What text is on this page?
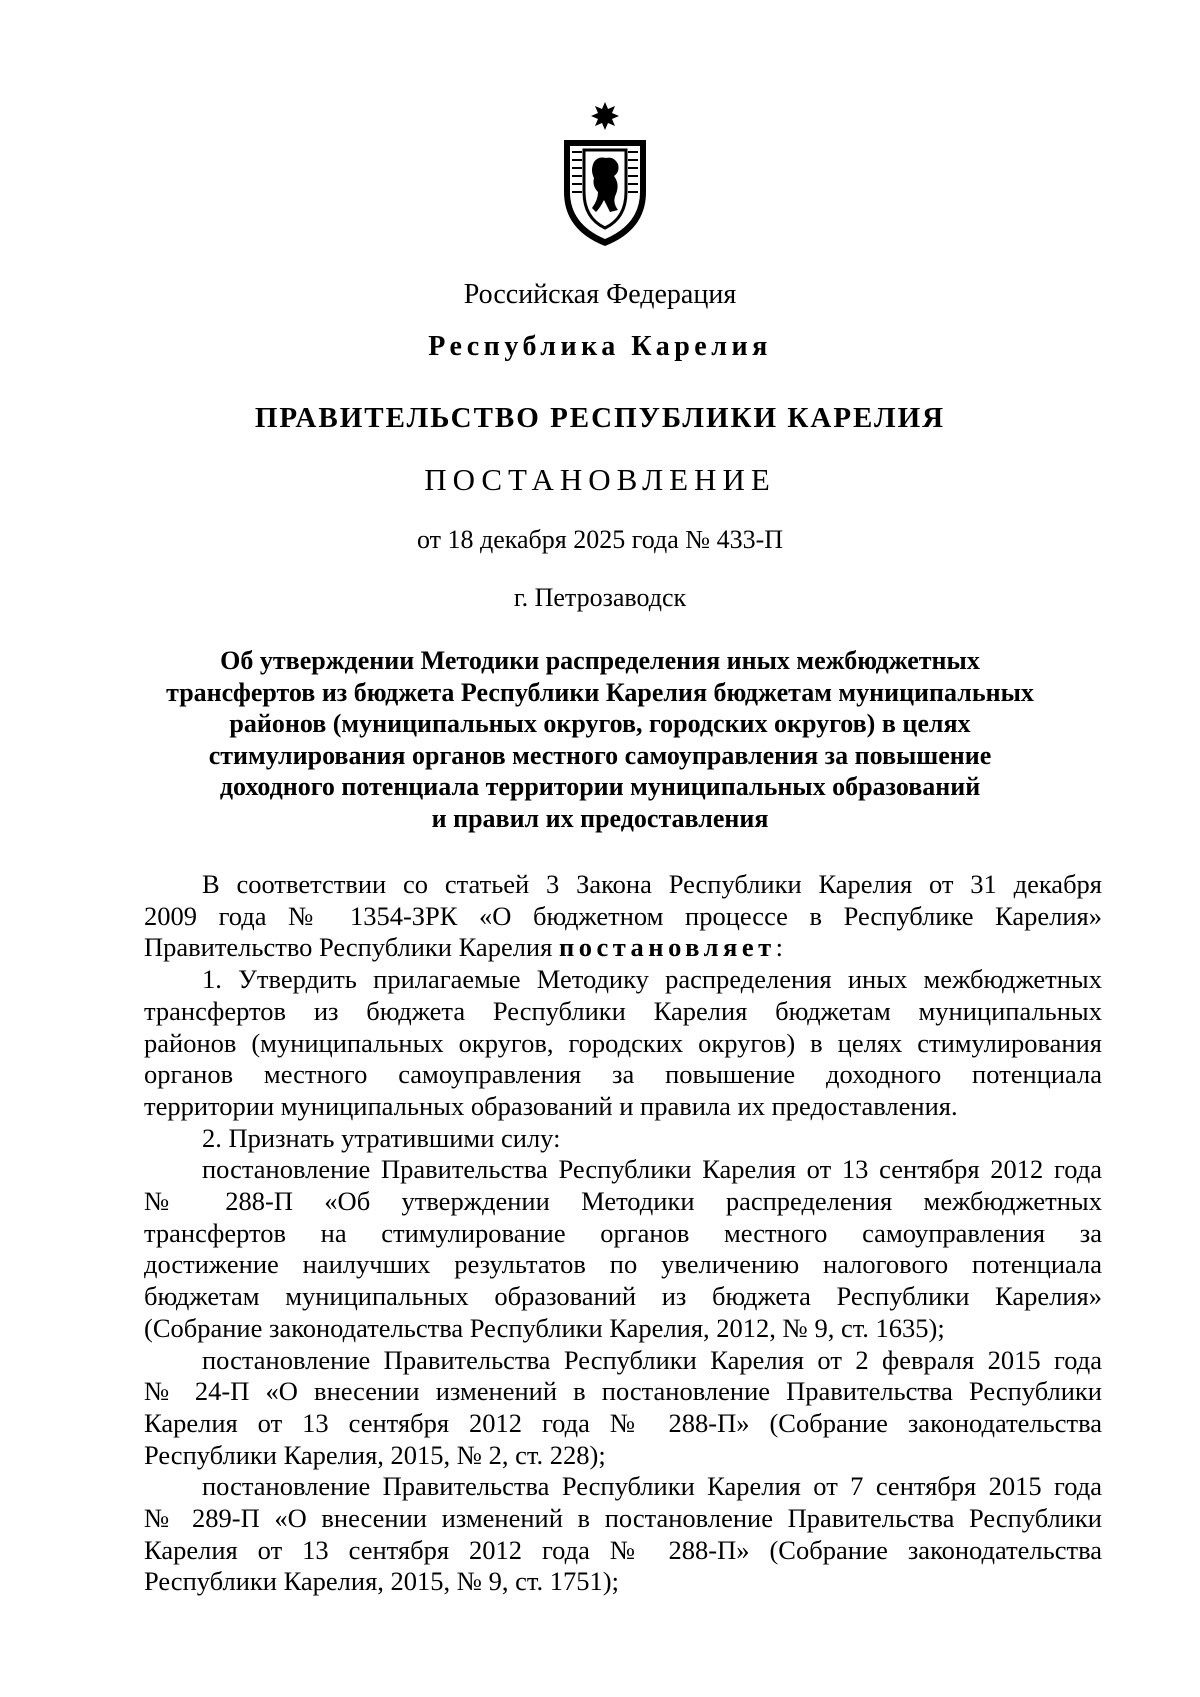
Российская Федерация
Республика Карелия
ПРАВИТЕЛЬСТВО РЕСПУБЛИКИ КАРЕЛИЯ
ПОСТАНОВЛЕНИЕ
от 18 декабря 2025 года № 433-П
г. Петрозаводск
Об утверждении Методики распределения иных межбюджетных
трансфертов из бюджета Республики Карелия бюджетам муниципальных
районов (муниципальных округов, городских округов) в целях
стимулирования органов местного самоуправления за повышение
доходного потенциала территории муниципальных образований
и правил их предоставления
В соответствии со статьей 3 Закона Республики Карелия от 31 декабря
2009 года № 1354-ЗРК «О бюджетном процессе в Республике Карелия»
Правительство Республики Карелия постановляет:
1. Утвердить прилагаемые Методику распределения иных межбюджетных
трансфертов из бюджета Республики Карелия бюджетам муниципальных
районов (муниципальных округов, городских округов) в целях стимулирования
органов местного самоуправления за повышение доходного потенциала
территории муниципальных образований и правила их предоставления.
2. Признать утратившими силу:
постановление Правительства Республики Карелия от 13 сентября 2012 года
№ 288-П «Об утверждении Методики распределения межбюджетных
трансфертов на стимулирование органов местного самоуправления за
достижение наилучших результатов по увеличению налогового потенциала
бюджетам муниципальных образований из бюджета Республики Карелия»
(Собрание законодательства Республики Карелия, 2012, № 9, ст. 1635);
постановление Правительства Республики Карелия от 2 февраля 2015 года
№ 24-П «О внесении изменений в постановление Правительства Республики
Карелия от 13 сентября 2012 года № 288-П» (Собрание законодательства
Республики Карелия, 2015, № 2, ст. 228);
постановление Правительства Республики Карелия от 7 сентября 2015 года
№ 289-П «О внесении изменений в постановление Правительства Республики
Карелия от 13 сентября 2012 года № 288-П» (Собрание законодательства
Республики Карелия, 2015, № 9, ст. 1751);
